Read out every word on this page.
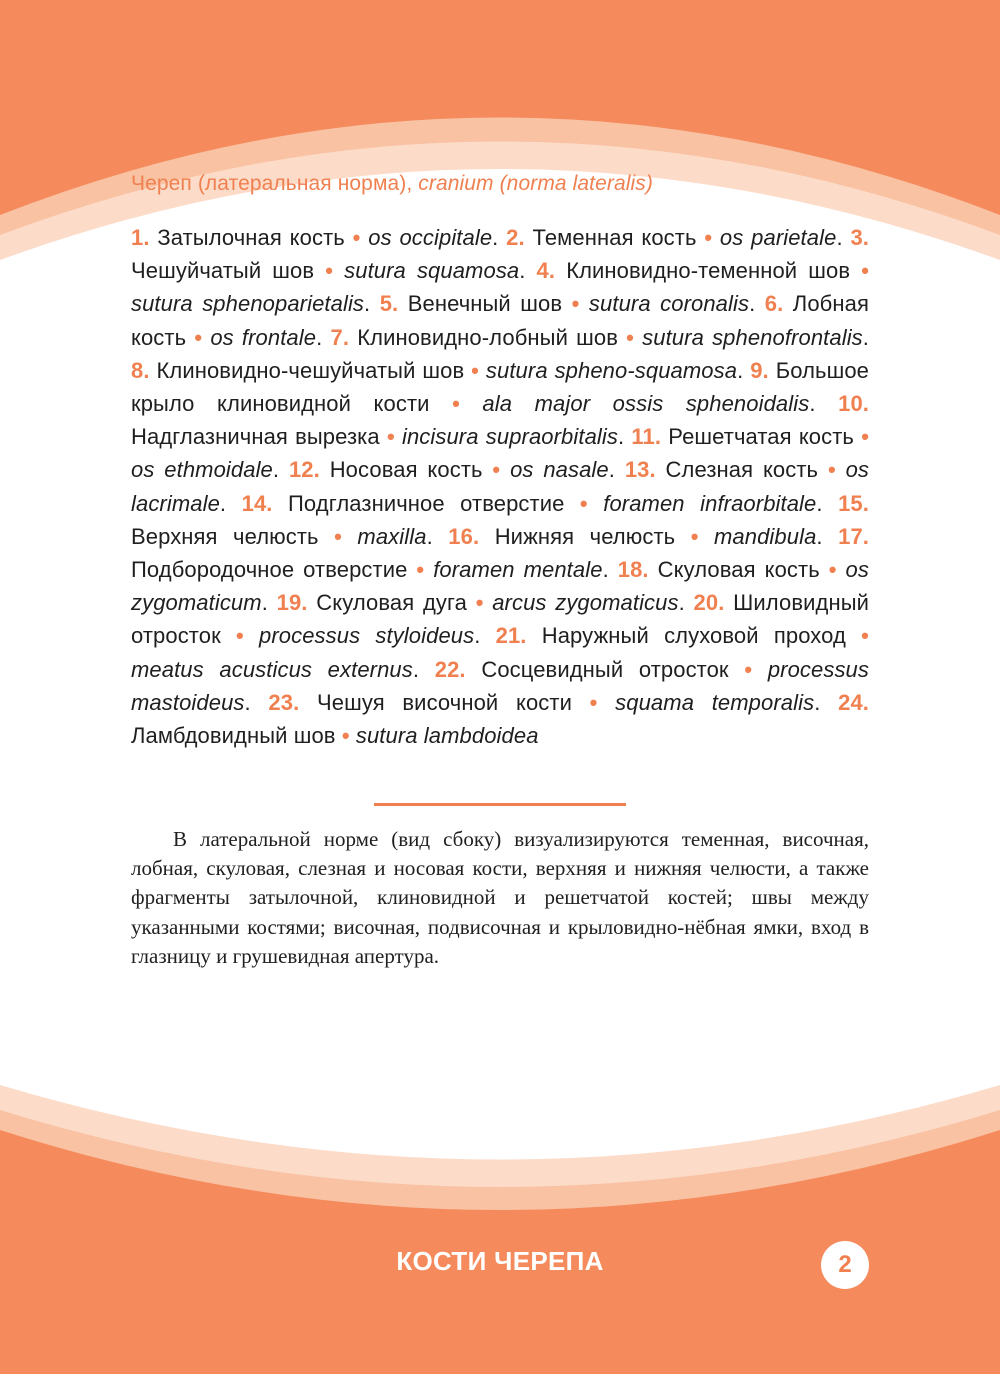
Череп (латеральная норма), cranium (norma lateralis)
1. Затылочная кость • os occipitale. 2. Теменная кость • os parietale. 3. Чешуйчатый шов • sutura squamosa. 4. Клиновидно-теменной шов • sutura sphenoparietalis. 5. Венечный шов • sutura coronalis. 6. Лобная кость • os frontale. 7. Клиновидно-лобный шов • sutura sphenofrontalis. 8. Клиновидно-чешуйчатый шов • sutura spheno-squamosa. 9. Большое крыло клиновидной кости • ala major ossis sphenoidalis. 10. Надглазничная вырезка • incisura supraorbitalis. 11. Решетчатая кость • os ethmoidale. 12. Носовая кость • os nasale. 13. Слезная кость • os lacrimale. 14. Подглазничное отверстие • foramen infraorbitale. 15. Верхняя челюсть • maxilla. 16. Нижняя челюсть • mandibula. 17. Подбородочное отверстие • foramen mentale. 18. Скуловая кость • os zygomaticum. 19. Скуловая дуга • arcus zygomaticus. 20. Шиловидный отросток • processus styloideus. 21. Наружный слуховой проход • meatus acusticus externus. 22. Сосцевидный отросток • processus mastoideus. 23. Чешуя височной кости • squama temporalis. 24. Ламбдовидный шов • sutura lambdoidea
В латеральной норме (вид сбоку) визуализируются теменная, височная, лобная, скуловая, слезная и носовая кости, верхняя и нижняя челюсти, а также фрагменты затылочной, клиновидной и решетчатой костей; швы между указанными костями; височная, подвисочная и крыловидно-нёбная ямки, вход в глазницу и грушевидная апертура.
КОСТИ ЧЕРЕПА	2
